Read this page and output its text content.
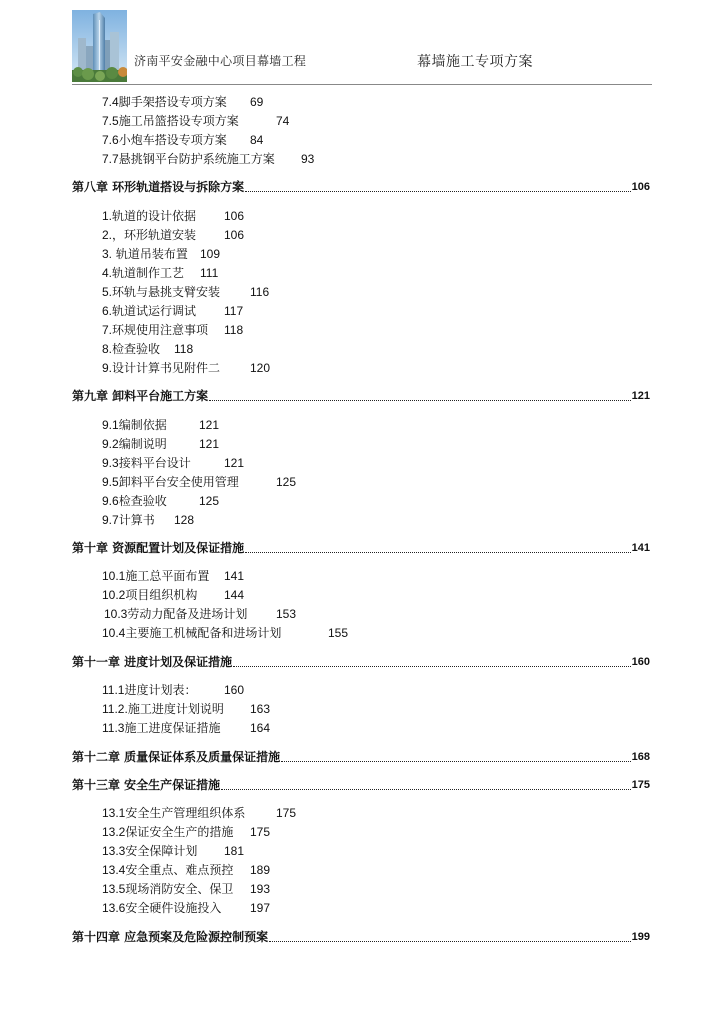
济南平安金融中心项目幕墙工程	幕墙施工专项方案
7.4脚手架搭设专项方案 69
7.5施工吊篮搭设专项方案	74
7.6小炮车搭设专项方案 84
7.7悬挑钢平台防护系统施工方案 93
第八章 环形轨道搭设与拆除方案	106
1.轨道的设计依据 106
2.，环形轨道安装 106
3. 轨道吊装布置 109
4.轨道制作工艺 111
5.环轨与悬挑支臂安装 116
6.轨道试运行调试 117
7.环规使用注意事项 118
8.检查验收 118
9.设计计算书见附件二 120
第九章 卸料平台施工方案	121
9.1编制依据	121
9.2编制说明	121
9.3接料平台设计	121
9.5卸料平台安全使用管理	125
9.6检查验收	125
9.7计算书 128
第十章 资源配置计划及保证措施	141
10.1施工总平面布置 141
10.2项目组织机构 144
10.3劳动力配备及进场计划 153
10.4主要施工机械配备和进场计划	155
第十一章 进度计划及保证措施	160
11.1进度计划表： 160
11.2.施工进度计划说明 163
11.3施工进度保证措施 164
第十二章 质量保证体系及质量保证措施	168
第十三章 安全生产保证措施	175
13.1安全生产管理组织体系	175
13.2保证安全生产的措施 175
13.3安全保障计划 181
13.4安全重点、难点预控 189
13.5现场消防安全、保卫 193
13.6安全硬件设施投入 197
第十四章 应急预案及危险源控制预案	199
